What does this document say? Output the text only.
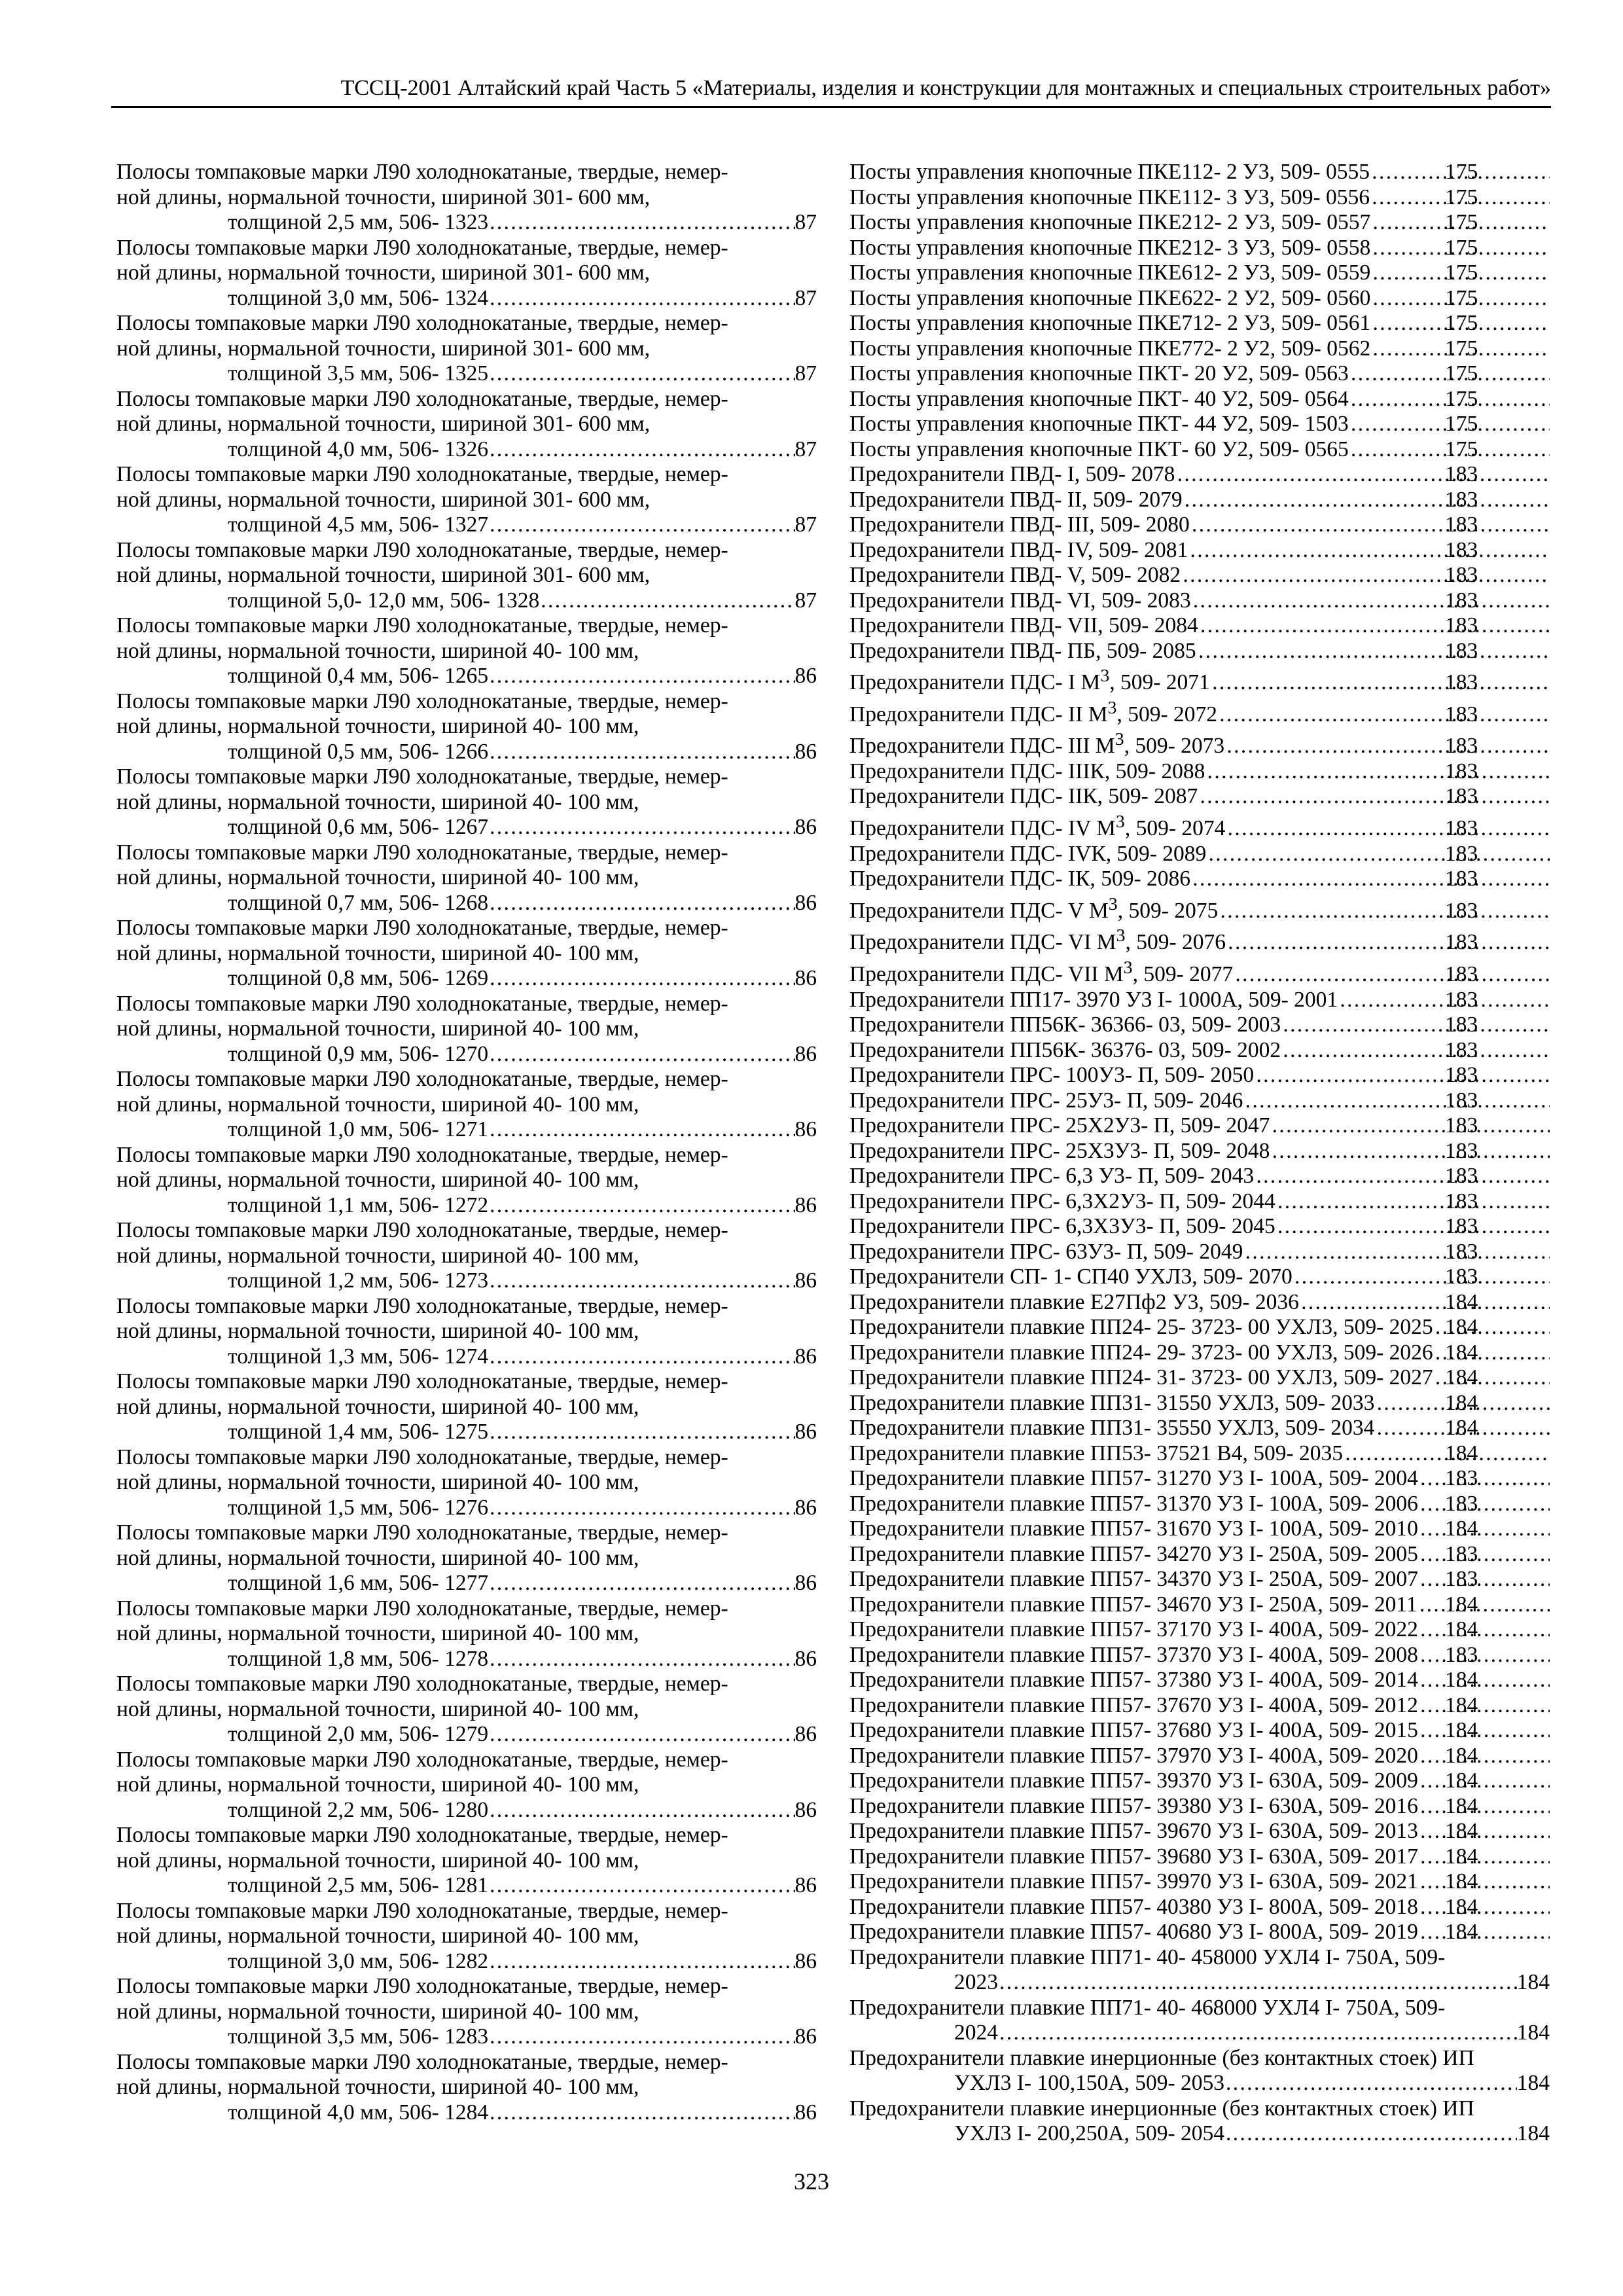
ТССЦ-2001 Алтайский край Часть 5 «Материалы, изделия и конструкции для монтажных и специальных строительных работ»
Полосы томпаковые марки Л90 холоднокатаные, твердые, немер-
ной длины, нормальной точности, шириной 301- 600 мм,
толщиной 2,5 мм, 506- 1323 . . .	87
Полосы томпаковые марки Л90 холоднокатаные, твердые, немер-
ной длины, нормальной точности, шириной 301- 600 мм,
толщиной 3,0 мм, 506- 1324 . . .	87
Полосы томпаковые марки Л90 холоднокатаные, твердые, немер-
ной длины, нормальной точности, шириной 301- 600 мм,
толщиной 3,5 мм, 506- 1325 . . .	87
Полосы томпаковые марки Л90 холоднокатаные, твердые, немер-
ной длины, нормальной точности, шириной 301- 600 мм,
толщиной 4,0 мм, 506- 1326 . . .	87
Полосы томпаковые марки Л90 холоднокатаные, твердые, немер-
ной длины, нормальной точности, шириной 301- 600 мм,
толщиной 4,5 мм, 506- 1327 . . .	87
Полосы томпаковые марки Л90 холоднокатаные, твердые, немер-
ной длины, нормальной точности, шириной 301- 600 мм,
толщиной 5,0- 12,0 мм, 506- 1328 . . .	87
Полосы томпаковые марки Л90 холоднокатаные, твердые, немер-
ной длины, нормальной точности, шириной 40- 100 мм,
толщиной 0,4 мм, 506- 1265 . . .	86
Полосы томпаковые марки Л90 холоднокатаные, твердые, немер-
ной длины, нормальной точности, шириной 40- 100 мм,
толщиной 0,5 мм, 506- 1266 . . .	86
Полосы томпаковые марки Л90 холоднокатаные, твердые, немер-
ной длины, нормальной точности, шириной 40- 100 мм,
толщиной 0,6 мм, 506- 1267 . . .	86
Полосы томпаковые марки Л90 холоднокатаные, твердые, немер-
ной длины, нормальной точности, шириной 40- 100 мм,
толщиной 0,7 мм, 506- 1268 . . .	86
Полосы томпаковые марки Л90 холоднокатаные, твердые, немер-
ной длины, нормальной точности, шириной 40- 100 мм,
толщиной 0,8 мм, 506- 1269 . . .	86
Полосы томпаковые марки Л90 холоднокатаные, твердые, немер-
ной длины, нормальной точности, шириной 40- 100 мм,
толщиной 0,9 мм, 506- 1270 . . .	86
Полосы томпаковые марки Л90 холоднокатаные, твердые, немер-
ной длины, нормальной точности, шириной 40- 100 мм,
толщиной 1,0 мм, 506- 1271 . . .	86
Полосы томпаковые марки Л90 холоднокатаные, твердые, немер-
ной длины, нормальной точности, шириной 40- 100 мм,
толщиной 1,1 мм, 506- 1272 . . .	86
Полосы томпаковые марки Л90 холоднокатаные, твердые, немер-
ной длины, нормальной точности, шириной 40- 100 мм,
толщиной 1,2 мм, 506- 1273 . . .	86
Полосы томпаковые марки Л90 холоднокатаные, твердые, немер-
ной длины, нормальной точности, шириной 40- 100 мм,
толщиной 1,3 мм, 506- 1274 . . .	86
Полосы томпаковые марки Л90 холоднокатаные, твердые, немер-
ной длины, нормальной точности, шириной 40- 100 мм,
толщиной 1,4 мм, 506- 1275 . . .	86
Полосы томпаковые марки Л90 холоднокатаные, твердые, немер-
ной длины, нормальной точности, шириной 40- 100 мм,
толщиной 1,5 мм, 506- 1276 . . .	86
Полосы томпаковые марки Л90 холоднокатаные, твердые, немер-
ной длины, нормальной точности, шириной 40- 100 мм,
толщиной 1,6 мм, 506- 1277 . . .	86
Полосы томпаковые марки Л90 холоднокатаные, твердые, немер-
ной длины, нормальной точности, шириной 40- 100 мм,
толщиной 1,8 мм, 506- 1278 . . .	86
Полосы томпаковые марки Л90 холоднокатаные, твердые, немер-
ной длины, нормальной точности, шириной 40- 100 мм,
толщиной 2,0 мм, 506- 1279 . . .	86
Полосы томпаковые марки Л90 холоднокатаные, твердые, немер-
ной длины, нормальной точности, шириной 40- 100 мм,
толщиной 2,2 мм, 506- 1280 . . .	86
Полосы томпаковые марки Л90 холоднокатаные, твердые, немер-
ной длины, нормальной точности, шириной 40- 100 мм,
толщиной 2,5 мм, 506- 1281 . . .	86
Полосы томпаковые марки Л90 холоднокатаные, твердые, немер-
ной длины, нормальной точности, шириной 40- 100 мм,
толщиной 3,0 мм, 506- 1282 . . .	86
Полосы томпаковые марки Л90 холоднокатаные, твердые, немер-
ной длины, нормальной точности, шириной 40- 100 мм,
толщиной 3,5 мм, 506- 1283 . . .	86
Полосы томпаковые марки Л90 холоднокатаные, твердые, немер-
ной длины, нормальной точности, шириной 40- 100 мм,
толщиной 4,0 мм, 506- 1284 . . .	86
Посты управления кнопочные ПКЕ112- 2 У3, 509- 0555 . . .	175
Посты управления кнопочные ПКЕ112- 3 У3, 509- 0556 . . .	175
Посты управления кнопочные ПКЕ212- 2 У3, 509- 0557 . . .	175
Посты управления кнопочные ПКЕ212- 3 У3, 509- 0558 . . .	175
Посты управления кнопочные ПКЕ612- 2 У3, 509- 0559 . . .	175
Посты управления кнопочные ПКЕ622- 2 У2, 509- 0560 . . .	175
Посты управления кнопочные ПКЕ712- 2 У3, 509- 0561 . . .	175
Посты управления кнопочные ПКЕ772- 2 У2, 509- 0562 . . .	175
Посты управления кнопочные ПКТ- 20 У2, 509- 0563 . . .	175
Посты управления кнопочные ПКТ- 40 У2, 509- 0564 . . .	175
Посты управления кнопочные ПКТ- 44 У2, 509- 1503 . . .	175
Посты управления кнопочные ПКТ- 60 У2, 509- 0565 . . .	175
Предохранители ПВД- I, 509- 2078 . . .	183
Предохранители ПВД- II, 509- 2079 . . .	183
Предохранители ПВД- III, 509- 2080 . . .	183
Предохранители ПВД- IV, 509- 2081 . . .	183
Предохранители ПВД- V, 509- 2082 . . .	183
Предохранители ПВД- VI, 509- 2083 . . .	183
Предохранители ПВД- VII, 509- 2084 . . .	183
Предохранители ПВД- ПБ, 509- 2085 . . .	183
Предохранители ПДС- I $М^3$, 509- 2071 . . .	183
Предохранители ПДС- II $М^3$, 509- 2072 . . .	183
Предохранители ПДС- III $М^3$, 509- 2073 . . .	183
Предохранители ПДС- IIIК, 509- 2088 . . .	183
Предохранители ПДС- IIК, 509- 2087 . . .	183
Предохранители ПДС- IV $М^3$, 509- 2074 . . .	183
Предохранители ПДС- IVК, 509- 2089 . . .	183
Предохранители ПДС- IК, 509- 2086 . . .	183
Предохранители ПДС- V $М^3$, 509- 2075 . . .	183
Предохранители ПДС- VI $М^3$, 509- 2076 . . .	183
Предохранители ПДС- VII $М^3$, 509- 2077 . . .	183
Предохранители ПП17- 3970 У3 I- 1000А, 509- 2001 . . .	183
Предохранители ПП56К- 36366- 03, 509- 2003 . . .	183
Предохранители ПП56К- 36376- 03, 509- 2002 . . .	183
Предохранители ПРС- 100У3- П, 509- 2050 . . .	183
Предохранители ПРС- 25У3- П, 509- 2046 . . .	183
Предохранители ПРС- 25Х2У3- П, 509- 2047 . . .	183
Предохранители ПРС- 25Х3У3- П, 509- 2048 . . .	183
Предохранители ПРС- 6,3 У3- П, 509- 2043 . . .	183
Предохранители ПРС- 6,3Х2У3- П, 509- 2044 . . .	183
Предохранители ПРС- 6,3Х3У3- П, 509- 2045 . . .	183
Предохранители ПРС- 63У3- П, 509- 2049 . . .	183
Предохранители СП- 1- СП40 УХЛ3, 509- 2070 . . .	183
Предохранители плавкие Е27Пф2 У3, 509- 2036 . . .	184
Предохранители плавкие ПП24- 25- 3723- 00 УХЛ3, 509- 2025 . . . 184
Предохранители плавкие ПП24- 29- 3723- 00 УХЛ3, 509- 2026 . . . 184
Предохранители плавкие ПП24- 31- 3723- 00 УХЛ3, 509- 2027 . . . 184
Предохранители плавкие ПП31- 31550 УХЛ3, 509- 2033 . . .	184
Предохранители плавкие ПП31- 35550 УХЛ3, 509- 2034 . . .	184
Предохранители плавкие ПП53- 37521 В4, 509- 2035 . . .	184
Предохранители плавкие ПП57- 31270 У3 I- 100А, 509- 2004 . . . 183
Предохранители плавкие ПП57- 31370 У3 I- 100А, 509- 2006 . . . 183
Предохранители плавкие ПП57- 31670 У3 I- 100А, 509- 2010 . . . 184
Предохранители плавкие ПП57- 34270 У3 I- 250А, 509- 2005 . . . 183
Предохранители плавкие ПП57- 34370 У3 I- 250А, 509- 2007 . . . 183
Предохранители плавкие ПП57- 34670 У3 I- 250А, 509- 2011 . . . 184
Предохранители плавкие ПП57- 37170 У3 I- 400А, 509- 2022 . . . 184
Предохранители плавкие ПП57- 37370 У3 I- 400А, 509- 2008 . . . 183
Предохранители плавкие ПП57- 37380 У3 I- 400А, 509- 2014 . . . 184
Предохранители плавкие ПП57- 37670 У3 I- 400А, 509- 2012 . . . 184
Предохранители плавкие ПП57- 37680 У3 I- 400А, 509- 2015 . . . 184
Предохранители плавкие ПП57- 37970 У3 I- 400А, 509- 2020 . . . 184
Предохранители плавкие ПП57- 39370 У3 I- 630А, 509- 2009 . . . 184
Предохранители плавкие ПП57- 39380 У3 I- 630А, 509- 2016 . . . 184
Предохранители плавкие ПП57- 39670 У3 I- 630А, 509- 2013 . . . 184
Предохранители плавкие ПП57- 39680 У3 I- 630А, 509- 2017 . . . 184
Предохранители плавкие ПП57- 39970 У3 I- 630А, 509- 2021 . . . 184
Предохранители плавкие ПП57- 40380 У3 I- 800А, 509- 2018 . . . 184
Предохранители плавкие ПП57- 40680 У3 I- 800А, 509- 2019 . . . 184
Предохранители плавкие ПП71- 40- 458000 УХЛ4 I- 750А, 509-
2023 . . .	184
Предохранители плавкие ПП71- 40- 468000 УХЛ4 I- 750А, 509-
2024 . . .	184
Предохранители плавкие инерционные (без контактных стоек) ИП
УХЛ3 I- 100,150А, 509- 2053 . . .	184
Предохранители плавкие инерционные (без контактных стоек) ИП
УХЛ3 I- 200,250А, 509- 2054 . . .	184
323
